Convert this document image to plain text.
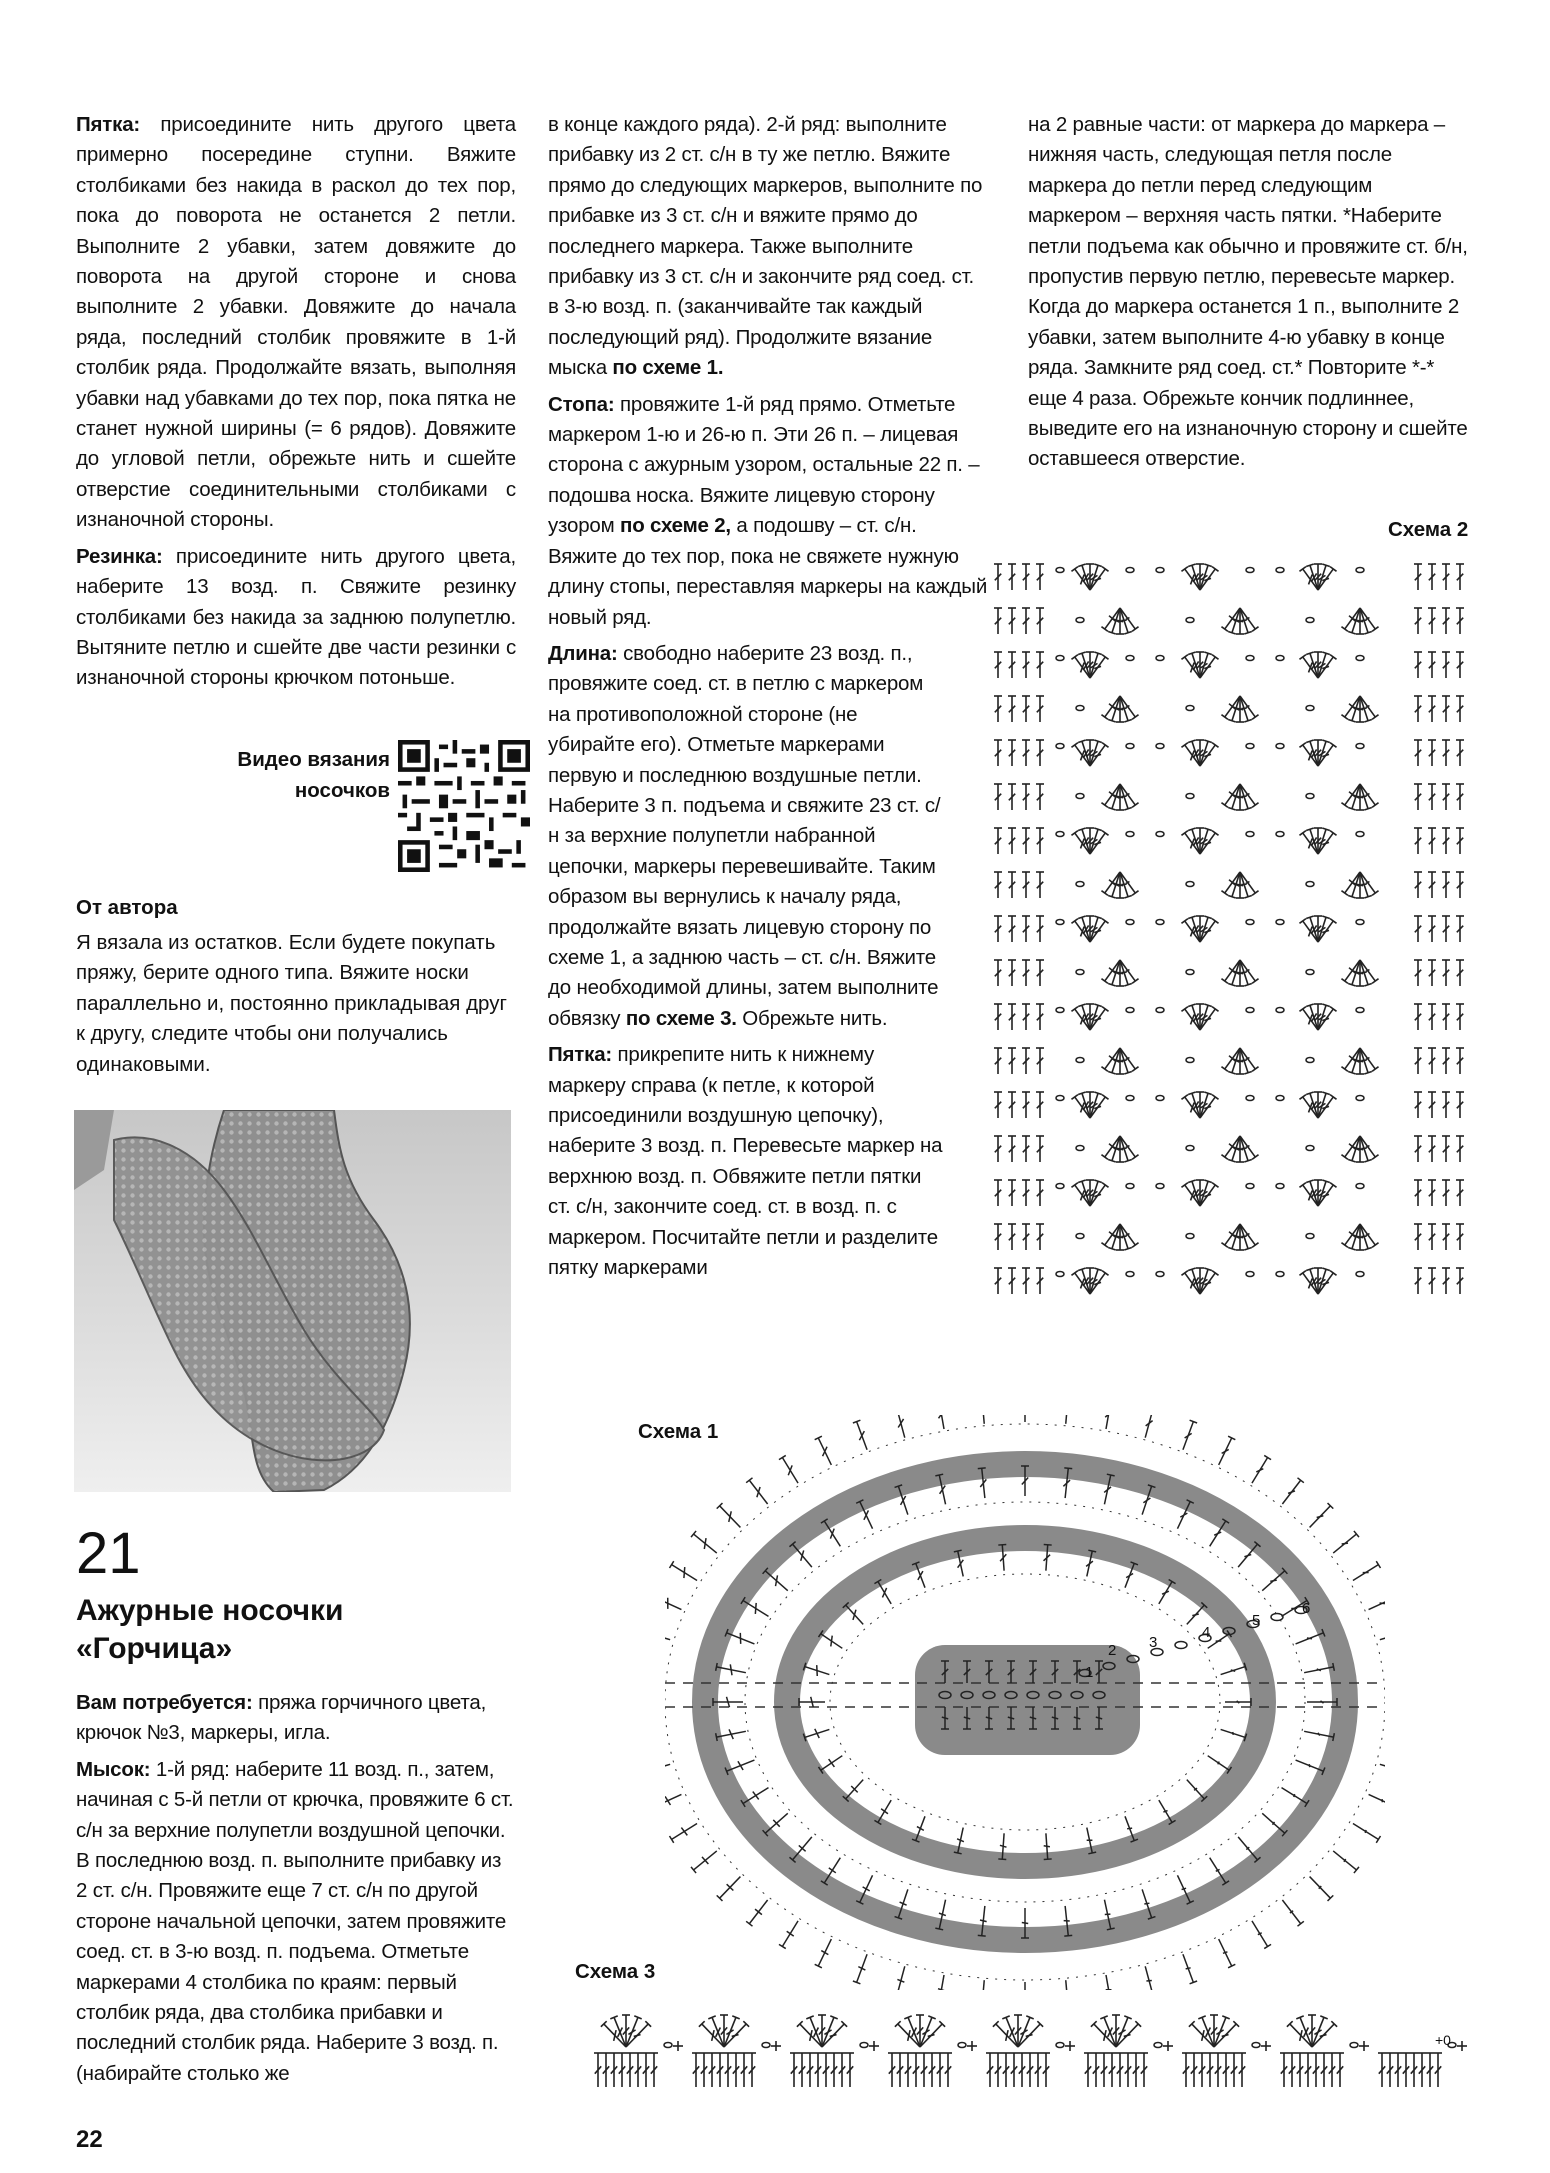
Пятка: присоедините нить другого цвета примерно посередине ступни. Вяжите столбиками без накида в раскол до тех пор, пока до поворота не останется 2 петли. Выполните 2 убавки, затем довяжите до поворота на другой стороне и снова выполните 2 убавки. Довяжите до начала ряда, последний столбик провяжите в 1-й столбик ряда. Продолжайте вязать, выполняя убавки над убавками до тех пор, пока пятка не станет нужной ширины (= 6 рядов). Довяжите до угловой петли, обрежьте нить и сшейте отверстие соединительными столбиками с изнаночной стороны.

Резинка: присоедините нить другого цвета, наберите 13 возд. п. Свяжите резинку столбиками без накида за заднюю полупетлю. Вытяните петлю и сшейте две части резинки с изнаночной стороны крючком потоньше.

Видео вязания
носочков
От автора
Я вязала из остатков. Если будете покупать пряжу, берите одного типа. Вяжите носки параллельно и, постоянно прикладывая друг к другу, следите чтобы они получались одинаковыми.
21
Ажурные носочки
«Горчица»

Вам потребуется: пряжа горчичного цвета, крючок №3, маркеры, игла.

Мысок: 1-й ряд: наберите 11 возд. п., затем, начиная с 5-й петли от крючка, провяжите 6 ст. с/н за верхние полупетли воздушной цепочки. В последнюю возд. п. выполните прибавку из 2 ст. с/н. Провяжите еще 7 ст. с/н по другой стороне начальной цепочки, затем провяжите соед. ст. в 3-ю возд. п. подъема. Отметьте маркерами 4 столбика по краям: первый столбик ряда, два столбика прибавки и последний столбик ряда. Наберите 3 возд. п. (набирайте столько же

в конце каждого ряда). 2-й ряд: выполните прибавку из 2 ст. с/н в ту же петлю. Вяжите прямо до следующих маркеров, выполните по прибавке из 3 ст. с/н и вяжите прямо до последнего маркера. Также выполните прибавку из 3 ст. с/н и закончите ряд соед. ст. в 3-ю возд. п. (заканчивайте так каждый последующий ряд). Продолжите вязание мыска по схеме 1.

Стопа: провяжите 1-й ряд прямо. Отметьте маркером 1-ю и 26-ю п. Эти 26 п. – лицевая сторона с ажурным узором, остальные 22 п. – подошва носка. Вяжите лицевую сторону узором по схеме 2, а подошву – ст. с/н. Вяжите до тех пор, пока не свяжете нужную длину стопы, переставляя маркеры на каждый новый ряд.

Длина: свободно наберите 23 возд. п., провяжите соед. ст. в петлю с маркером на противоположной стороне (не убирайте его). Отметьте маркерами первую и последнюю воздушные петли. Наберите 3 п. подъема и свяжите 23 ст. с/н за верхние полупетли набранной цепочки, маркеры перевешивайте. Таким образом вы вернулись к началу ряда, продолжайте вязать лицевую сторону по схеме 1, а заднюю часть – ст. с/н. Вяжите до необходимой длины, затем выполните обвязку по схеме 3. Обрежьте нить.

Пятка: прикрепите нить к нижнему маркеру справа (к петле, к которой присоединили воздушную цепочку), наберите 3 возд. п. Перевесьте маркер на верхнюю возд. п. Обвяжите петли пятки ст. с/н, закончите соед. ст. в возд. п. с маркером. Посчитайте петли и разделите пятку маркерами

на 2 равные части: от маркера до маркера – нижняя часть, следующая петля после маркера до петли перед следующим маркером – верхняя часть пятки. *Наберите петли подъема как обычно и провяжите ст. б/н, пропустив первую петлю, перевесьте маркер. Когда до маркера останется 1 п., выполните 2 убавки, затем выполните 4-ю убавку в конце ряда. Замкните ряд соед. ст.* Повторите *-* еще 4 раза. Обрежьте кончик подлиннее, выведите его на изнаночную сторону и сшейте оставшееся отверстие.

Схема 2
Схема 1
1
2 3
4
5
6
Схема 3
+0
22
